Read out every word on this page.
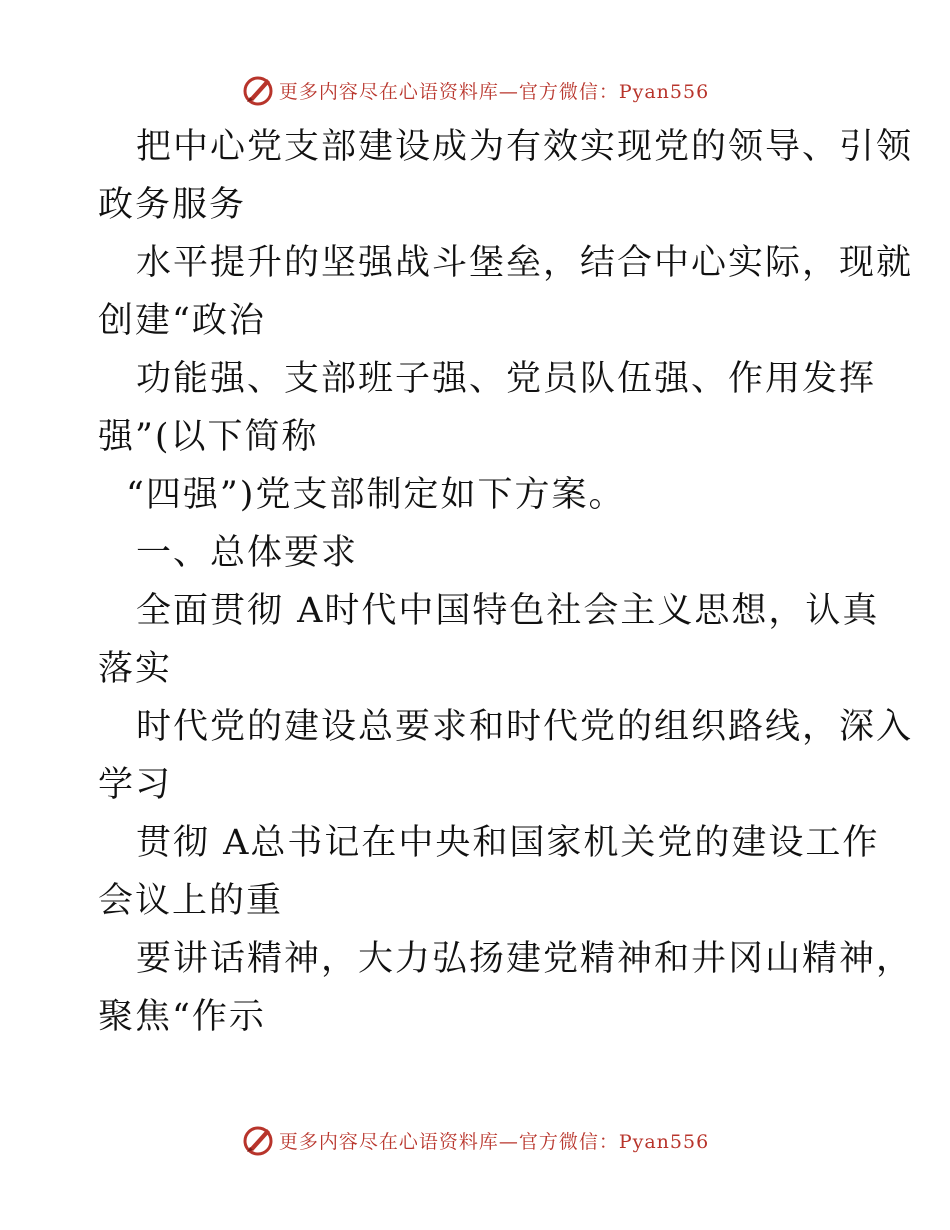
更多内容尽在心语资料库—官方微信：Pyan556
把中心党支部建设成为有效实现党的领导、引领
政务服务
水平提升的坚强战斗堡垒，结合中心实际，现就
创建“政治
功能强、支部班子强、党员队伍强、作用发挥
强”(以下简称
“四强”)党支部制定如下方案。
一、总体要求
全面贯彻 A时代中国特色社会主义思想，认真
落实
时代党的建设总要求和时代党的组织路线，深入
学习
贯彻 A总书记在中央和国家机关党的建设工作
会议上的重
要讲话精神，大力弘扬建党精神和井冈山精神，
聚焦“作示
更多内容尽在心语资料库—官方微信：Pyan556
